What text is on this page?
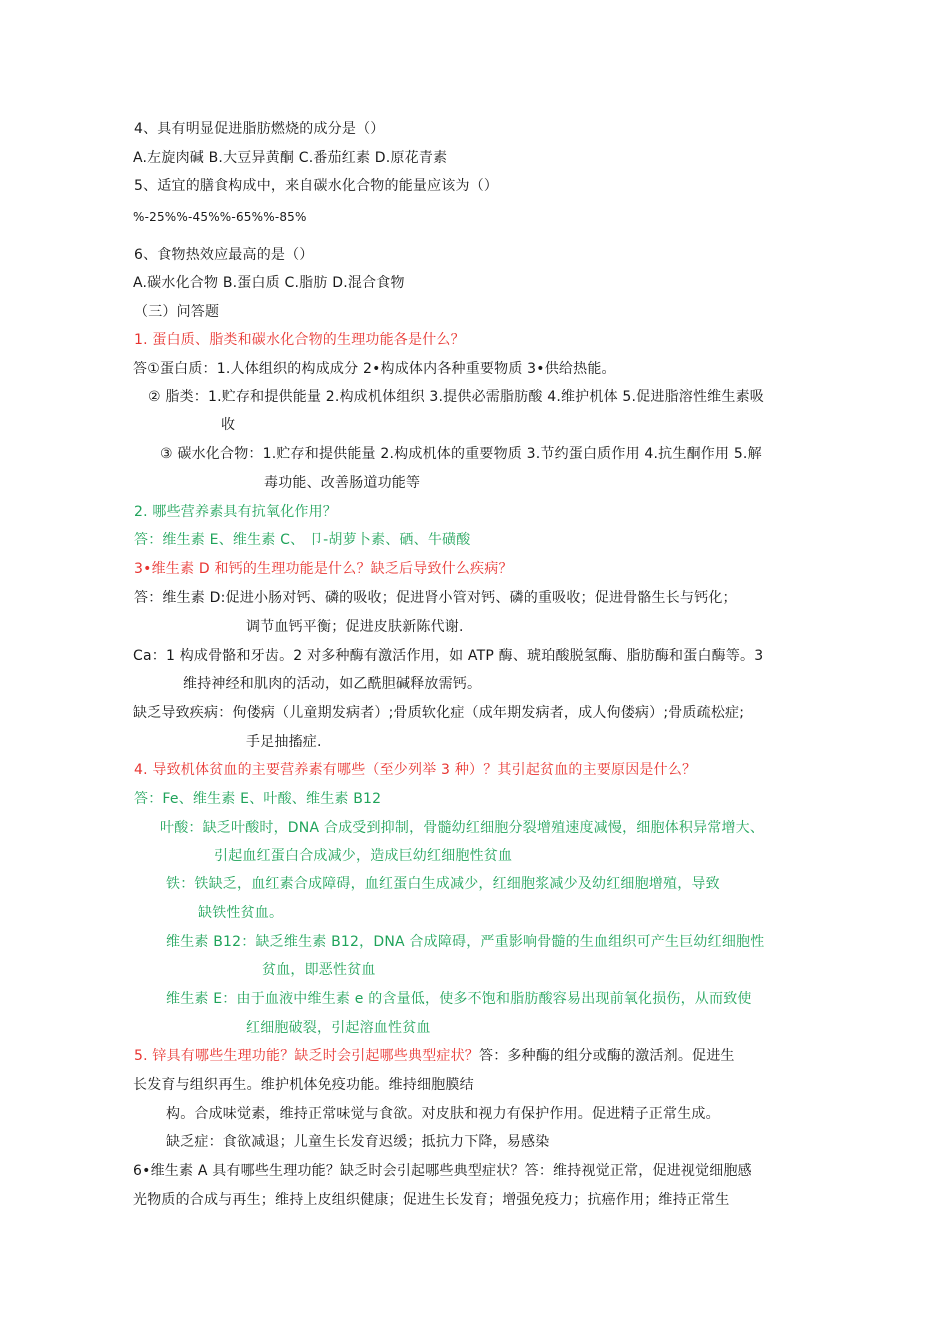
4、具有明显促进脂肪燃烧的成分是（）
A.左旋肉碱 B.大豆异黄酮 C.番茄红素 D.原花青素
5、适宜的膳食构成中，来自碳水化合物的能量应该为（）
%-25%%-45%%-65%%-85%
6、食物热效应最高的是（）
A.碳水化合物 B.蛋白质 C.脂肪 D.混合食物
（三）问答题
1. 蛋白质、脂类和碳水化合物的生理功能各是什么？
答①蛋白质：1.人体组织的构成成分 2•构成体内各种重要物质 3•供给热能。
② 脂类：1.贮存和提供能量 2.构成机体组织 3.提供必需脂肪酸 4.维护机体 5.促进脂溶性维生素吸
收
③ 碳水化合物：1.贮存和提供能量 2.构成机体的重要物质 3.节约蛋白质作用 4.抗生酮作用 5.解
毒功能、改善肠道功能等
2. 哪些营养素具有抗氧化作用？
答：维生素 E、维生素 C、 卩-胡萝卜素、硒、牛磺酸
3•维生素 D 和钙的生理功能是什么？缺乏后导致什么疾病？
答：维生素 D:促进小肠对钙、磷的吸收；促进肾小管对钙、磷的重吸收；促进骨骼生长与钙化；
调节血钙平衡；促进皮肤新陈代谢.
Ca：1 构成骨骼和牙齿。2 对多种酶有激活作用，如 ATP 酶、琥珀酸脱氢酶、脂肪酶和蛋白酶等。3
维持神经和肌肉的活动，如乙酰胆碱释放需钙。
缺乏导致疾病：佝偻病（儿童期发病者）;骨质软化症（成年期发病者，成人佝偻病）;骨质疏松症;
手足抽搐症.
4. 导致机体贫血的主要营养素有哪些（至少列举 3 种）？其引起贫血的主要原因是什么？
答：Fe、维生素 E、叶酸、维生素 B12
叶酸：缺乏叶酸时，DNA 合成受到抑制，骨髓幼红细胞分裂增殖速度减慢，细胞体积异常增大、
引起血红蛋白合成减少，造成巨幼红细胞性贫血
铁：铁缺乏，血红素合成障碍，血红蛋白生成减少，红细胞浆减少及幼红细胞增殖，导致
缺铁性贫血。
维生素 B12：缺乏维生素 B12，DNA 合成障碍，严重影响骨髓的生血组织可产生巨幼红细胞性
贫血，即恶性贫血
维生素 E：由于血液中维生素 e 的含量低，使多不饱和脂肪酸容易出现前氧化损伤，从而致使
红细胞破裂，引起溶血性贫血
5. 锌具有哪些生理功能？缺乏时会引起哪些典型症状？答：多种酶的组分或酶的激活剂。促进生
长发育与组织再生。维护机体免疫功能。维持细胞膜结
构。合成味觉素，维持正常味觉与食欲。对皮肤和视力有保护作用。促进精子正常生成。
缺乏症：食欲减退；儿童生长发育迟缓；抵抗力下降，易感染
6•维生素 A 具有哪些生理功能？缺乏时会引起哪些典型症状？答：维持视觉正常，促进视觉细胞感
光物质的合成与再生；维持上皮组织健康；促进生长发育；增强免疫力；抗癌作用；维持正常生
